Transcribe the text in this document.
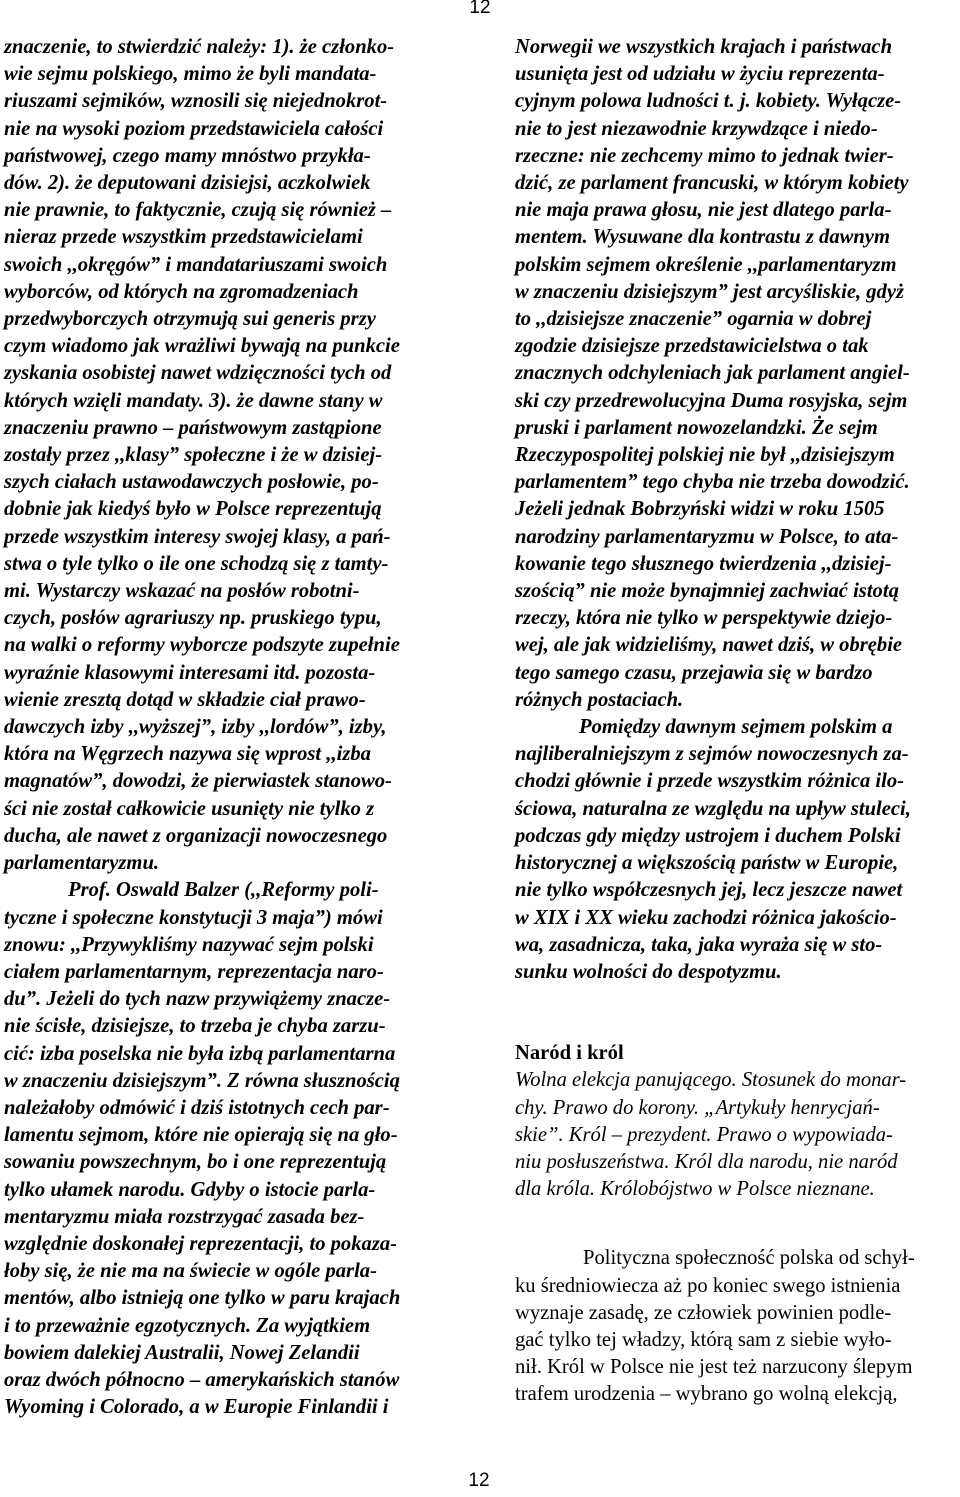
12
znaczenie, to stwierdzić należy: 1). że członko-
wie sejmu polskiego, mimo że byli mandata-
riuszami sejmików, wznosili się niejednokrot-
nie na wysoki poziom przedstawiciela całości
państwowej, czego mamy mnóstwo przykła-
dów. 2). że deputowani dzisiejsi, aczkolwiek
nie prawnie, to faktycznie, czują się również –
nieraz przede wszystkim przedstawicielami
swoich ,,okręgów” i mandatariuszami swoich
wyborców, od których na zgromadzeniach
przedwyborczych otrzymują sui generis przy
czym wiadomo jak wrażliwi bywają na punkcie
zyskania osobistej nawet wdzięczności tych od
których wzięli mandaty. 3). że dawne stany w
znaczeniu prawno – państwowym zastąpione
zostały przez ,,klasy” społeczne i że w dzisiej-
szych ciałach ustawodawczych posłowie, po-
dobnie jak kiedyś było w Polsce reprezentują
przede wszystkim interesy swojej klasy, a pań-
stwa o tyle tylko o ile one schodzą się z tamty-
mi. Wystarczy wskazać na posłów robotni-
czych, posłów agrariuszy np. pruskiego typu,
na walki o reformy wyborcze podszyte zupełnie
wyraźnie klasowymi interesami itd. pozosta-
wienie zresztą dotąd w składzie ciał prawo-
dawczych izby ,,wyższej”, izby ,,lordów”, izby,
która na Węgrzech nazywa się wprost ,,izba
magnatów”, dowodzi, że pierwiastek stanowo-
ści nie został całkowicie usunięty nie tylko z
ducha, ale nawet z organizacji nowoczesnego
parlamentaryzmu.
Prof. Oswald Balzer (,,Reformy poli-
tyczne i społeczne konstytucji 3 maja”) mówi
znowu: ,,Przywykliśmy nazywać sejm polski
ciałem parlamentarnym, reprezentacja naro-
du”. Jeżeli do tych nazw przywiążemy znacze-
nie ścisłe, dzisiejsze, to trzeba je chyba zarzu-
cić: izba poselska nie była izbą parlamentarna
w znaczeniu dzisiejszym”. Z równa słusznością
należałoby odmówić i dziś istotnych cech par-
lamentu sejmom, które nie opierają się na gło-
sowaniu powszechnym, bo i one reprezentują
tylko ułamek narodu. Gdyby o istocie parla-
mentaryzmu miała rozstrzygać zasada bez-
względnie doskonałej reprezentacji, to pokaza-
łoby się, że nie ma na świecie w ogóle parla-
mentów, albo istnieją one tylko w paru krajach
i to przeważnie egzotycznych. Za wyjątkiem
bowiem dalekiej Australii, Nowej Zelandii
oraz dwóch północno – amerykańskich stanów
Wyoming i Colorado, a w Europie Finlandii i
Norwegii we wszystkich krajach i państwach
usunięta jest od udziału w życiu reprezenta-
cyjnym polowa ludności t. j. kobiety. Wyłącze-
nie to jest niezawodnie krzywdzące i niedo-
rzeczne: nie zechcemy mimo to jednak twier-
dzić, ze parlament francuski, w którym kobiety
nie maja prawa głosu, nie jest dlatego parla-
mentem. Wysuwane dla kontrastu z dawnym
polskim sejmem określenie ,,parlamentaryzm
w znaczeniu dzisiejszym” jest arcyśliskie, gdyż
to ,,dzisiejsze znaczenie” ogarnia w dobrej
zgodzie dzisiejsze przedstawicielstwa o tak
znacznych odchyleniach jak parlament angiel-
ski czy przedrewolucyjna Duma rosyjska, sejm
pruski i parlament nowozelandzki. Że sejm
Rzeczypospolitej polskiej nie był ,,dzisiejszym
parlamentem” tego chyba nie trzeba dowodzić.
Jeżeli jednak Bobrzyński widzi w roku 1505
narodziny parlamentaryzmu w Polsce, to ata-
kowanie tego słusznego twierdzenia ,,dzisiej-
szością” nie może bynajmniej zachwiać istotą
rzeczy, która nie tylko w perspektywie dziejo-
wej, ale jak widzieliśmy, nawet dziś, w obrębie
tego samego czasu, przejawia się w bardzo
różnych postaciach.
Pomiędzy dawnym sejmem polskim a
najliberalniejszym z sejmów nowoczesnych za-
chodzi głównie i przede wszystkim różnica ilo-
ściowa, naturalna ze względu na upływ stuleci,
podczas gdy między ustrojem i duchem Polski
historycznej a większością państw w Europie,
nie tylko współczesnych jej, lecz jeszcze nawet
w XIX i XX wieku zachodzi różnica jakościo-
wa, zasadnicza, taka, jaka wyraża się w sto-
sunku wolności do despotyzmu.
Naród i król
Wolna elekcja panującego. Stosunek do monar-
chy. Prawo do korony. „Artykuły henrycjań-
skie”. Król – prezydent. Prawo o wypowiada-
niu posłuszeństwa. Król dla narodu, nie naród
dla króla. Królobójstwo w Polsce nieznane.
Polityczna społeczność polska od schył-
ku średniowiecza aż po koniec swego istnienia
wyznaje zasadę, ze człowiek powinien podle-
gać tylko tej władzy, którą sam z siebie wyło-
nił. Król w Polsce nie jest też narzucony ślepym
trafem urodzenia – wybrano go wolną elekcją,
12
